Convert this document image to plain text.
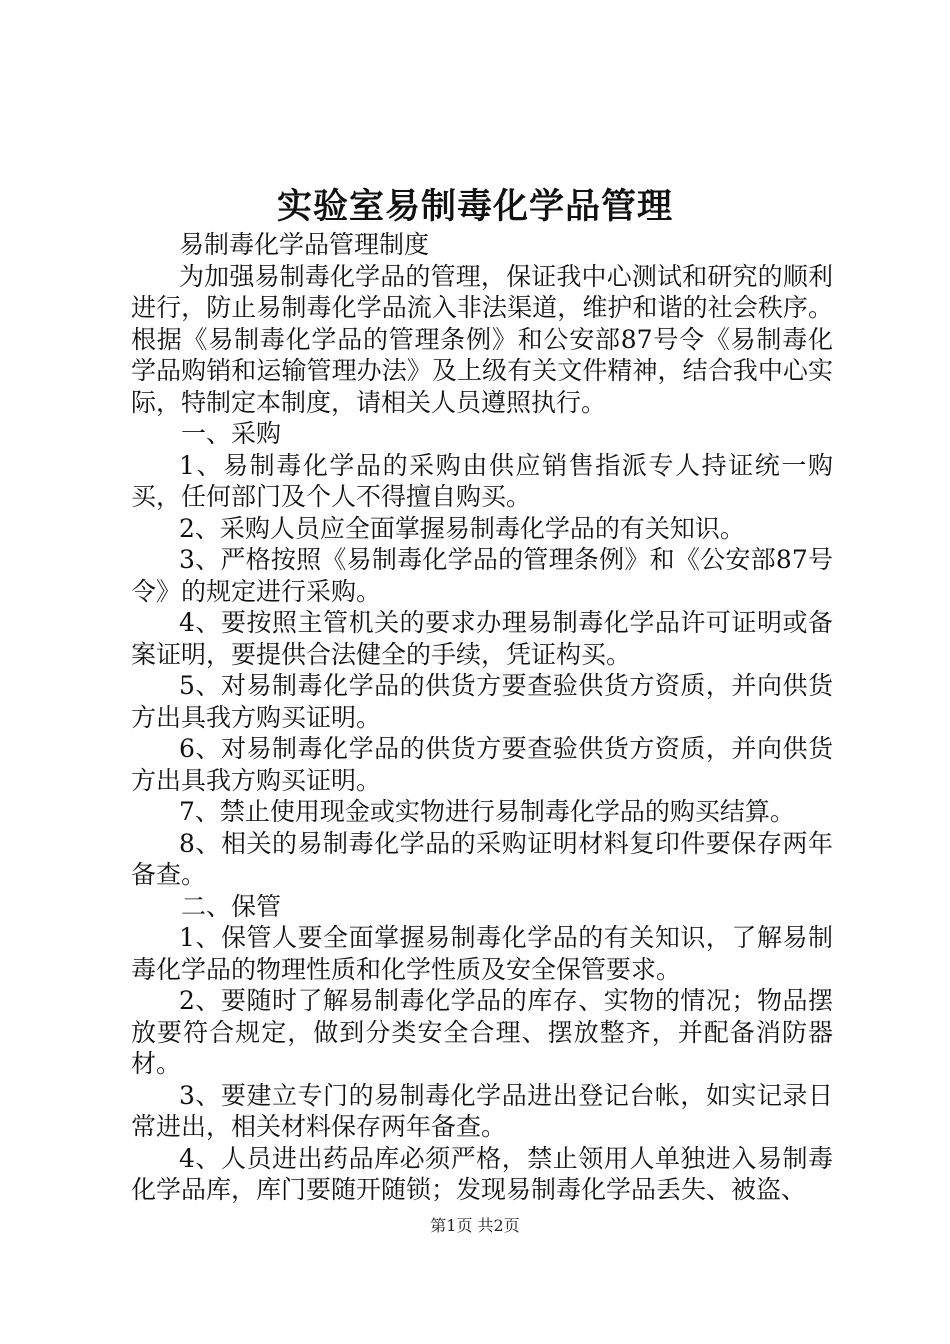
实验室易制毒化学品管理

易制毒化学品管理制度

为加强易制毒化学品的管理，保证我中心测试和研究的顺利进行，防止易制毒化学品流入非法渠道，维护和谐的社会秩序。根据《易制毒化学品的管理条例》和公安部87号令《易制毒化学品购销和运输管理办法》及上级有关文件精神，结合我中心实际，特制定本制度，请相关人员遵照执行。

一、采购

1、易制毒化学品的采购由供应销售指派专人持证统一购买，任何部门及个人不得擅自购买。

2、采购人员应全面掌握易制毒化学品的有关知识。

3、严格按照《易制毒化学品的管理条例》和《公安部87号令》的规定进行采购。

4、要按照主管机关的要求办理易制毒化学品许可证明或备案证明，要提供合法健全的手续，凭证构买。

5、对易制毒化学品的供货方要查验供货方资质，并向供货方出具我方购买证明。

6、对易制毒化学品的供货方要查验供货方资质，并向供货方出具我方购买证明。

7、禁止使用现金或实物进行易制毒化学品的购买结算。

8、相关的易制毒化学品的采购证明材料复印件要保存两年备查。

二、保管

1、保管人要全面掌握易制毒化学品的有关知识，了解易制毒化学品的物理性质和化学性质及安全保管要求。

2、要随时了解易制毒化学品的库存、实物的情况；物品摆放要符合规定，做到分类安全合理、摆放整齐，并配备消防器材。

3、要建立专门的易制毒化学品进出登记台帐，如实记录日常进出，相关材料保存两年备查。

4、人员进出药品库必须严格，禁止领用人单独进入易制毒化学品库，库门要随开随锁；发现易制毒化学品丢失、被盗、

第1页 共2页
